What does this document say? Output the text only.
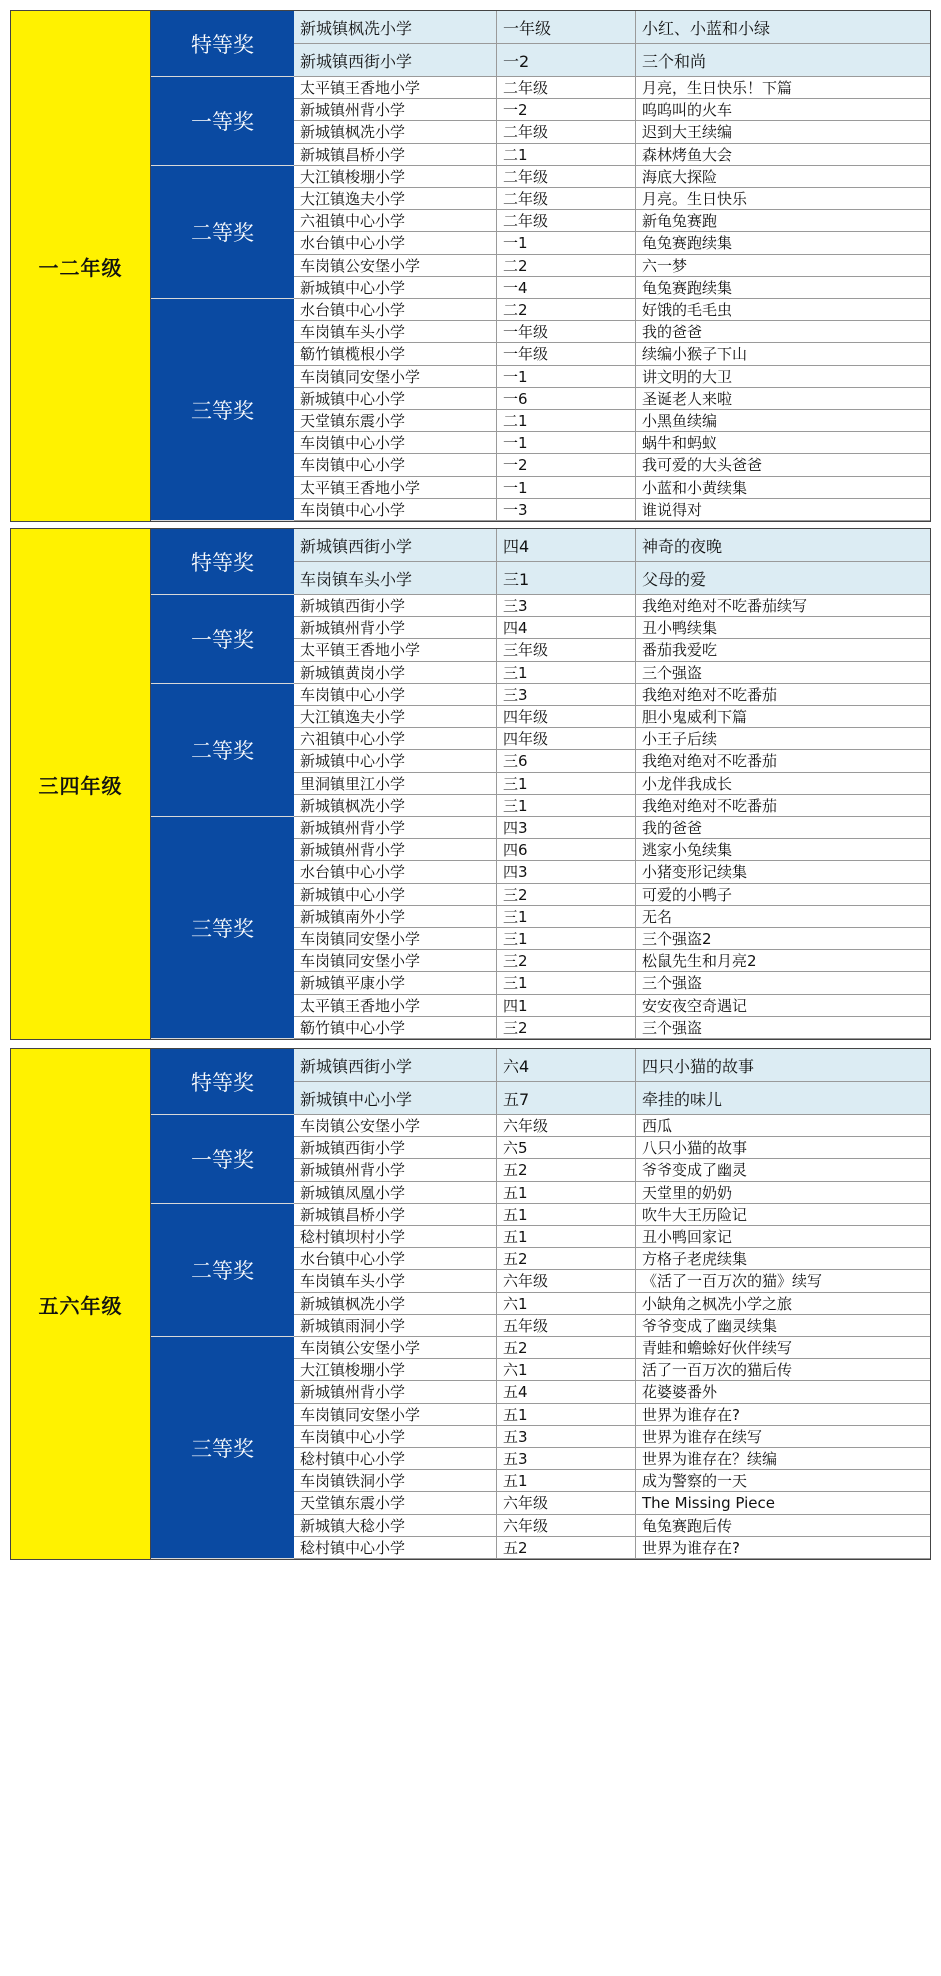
一二年级
特等奖
新城镇枫冼小学	一年级	小红、小蓝和小绿
新城镇西街小学	一2	三个和尚
一等奖
太平镇王香地小学	二年级	月亮，生日快乐！下篇
新城镇州背小学	一2	呜呜叫的火车
新城镇枫冼小学	二年级	迟到大王续编
新城镇昌桥小学	二1	森林烤鱼大会
二等奖
大江镇梭堋小学	二年级	海底大探险
大江镇逸夫小学	二年级	月亮。生日快乐
六祖镇中心小学	二年级	新龟兔赛跑
水台镇中心小学	一1	龟兔赛跑续集
车岗镇公安堡小学	二2	六一梦
新城镇中心小学	一4	龟兔赛跑续集
三等奖
水台镇中心小学	二2	好饿的毛毛虫
车岗镇车头小学	一年级	我的爸爸
簕竹镇榄根小学	一年级	续编小猴子下山
车岗镇同安堡小学	一1	讲文明的大卫
新城镇中心小学	一6	圣诞老人来啦
天堂镇东震小学	二1	小黑鱼续编
车岗镇中心小学	一1	蜗牛和蚂蚁
车岗镇中心小学	一2	我可爱的大头爸爸
太平镇王香地小学	一1	小蓝和小黄续集
车岗镇中心小学	一3	谁说得对
三四年级
特等奖
新城镇西街小学	四4	神奇的夜晚
车岗镇车头小学	三1	父母的爱
一等奖
新城镇西街小学	三3	我绝对绝对不吃番茄续写
新城镇州背小学	四4	丑小鸭续集
太平镇王香地小学	三年级	番茄我爱吃
新城镇黄岗小学	三1	三个强盗
二等奖
车岗镇中心小学	三3	我绝对绝对不吃番茄
大江镇逸夫小学	四年级	胆小鬼威利下篇
六祖镇中心小学	四年级	小王子后续
新城镇中心小学	三6	我绝对绝对不吃番茄
里洞镇里江小学	三1	小龙伴我成长
新城镇枫冼小学	三1	我绝对绝对不吃番茄
三等奖
新城镇州背小学	四3	我的爸爸
新城镇州背小学	四6	逃家小兔续集
水台镇中心小学	四3	小猪变形记续集
新城镇中心小学	三2	可爱的小鸭子
新城镇南外小学	三1	无名
车岗镇同安堡小学	三1	三个强盗2
车岗镇同安堡小学	三2	松鼠先生和月亮2
新城镇平康小学	三1	三个强盗
太平镇王香地小学	四1	安安夜空奇遇记
簕竹镇中心小学	三2	三个强盗
五六年级
特等奖
新城镇西街小学	六4	四只小猫的故事
新城镇中心小学	五7	牵挂的味儿
一等奖
车岗镇公安堡小学	六年级	西瓜
新城镇西街小学	六5	八只小猫的故事
新城镇州背小学	五2	爷爷变成了幽灵
新城镇凤凰小学	五1	天堂里的奶奶
二等奖
新城镇昌桥小学	五1	吹牛大王历险记
稔村镇坝村小学	五1	丑小鸭回家记
水台镇中心小学	五2	方格子老虎续集
车岗镇车头小学	六年级	《活了一百万次的猫》续写
新城镇枫冼小学	六1	小缺角之枫冼小学之旅
新城镇雨洞小学	五年级	爷爷变成了幽灵续集
三等奖
车岗镇公安堡小学	五2	青蛙和蟾蜍好伙伴续写
大江镇梭堋小学	六1	活了一百万次的猫后传
新城镇州背小学	五4	花婆婆番外
车岗镇同安堡小学	五1	世界为谁存在?
车岗镇中心小学	五3	世界为谁存在续写
稔村镇中心小学	五3	世界为谁存在？续编
车岗镇铁洞小学	五1	成为警察的一天
天堂镇东震小学	六年级	The Missing Piece
新城镇大稔小学	六年级	龟兔赛跑后传
稔村镇中心小学	五2	世界为谁存在?
